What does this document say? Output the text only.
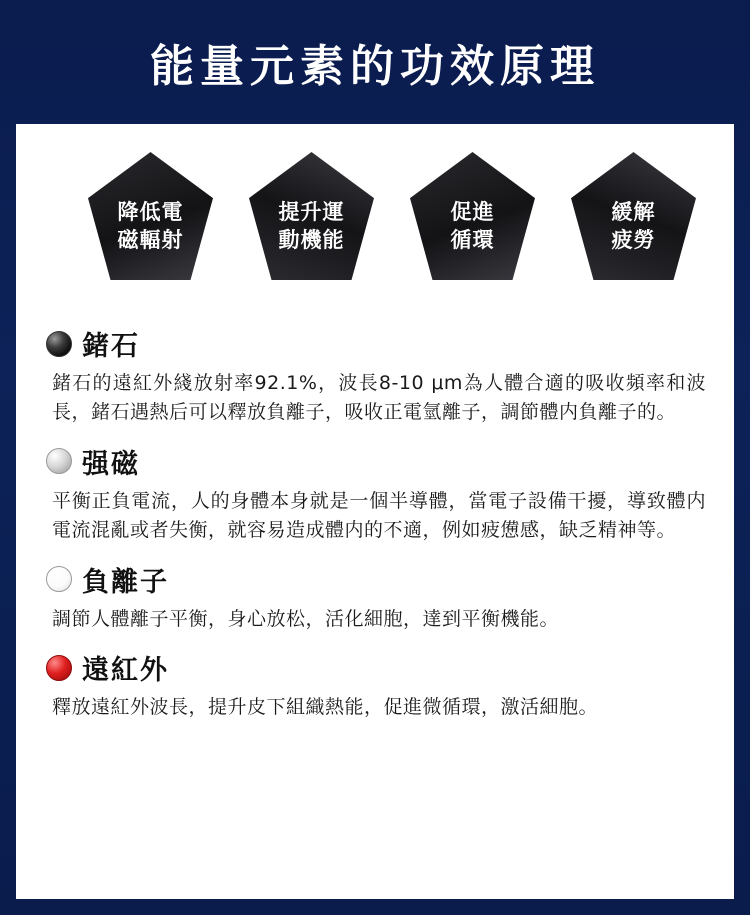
能量元素的功效原理
降低電
磁輻射
提升運
動機能
促進
循環
緩解
疲勞
鍺石
鍺石的遠紅外綫放射率92.1%，波長8-10 μm為人體合適的吸收頻率和波長，鍺石遇熱后可以釋放負離子，吸收正電氫離子，調節體内負離子的。
强磁
平衡正負電流，人的身體本身就是一個半導體，當電子設備干擾，導致體内電流混亂或者失衡，就容易造成體内的不適，例如疲憊感，缺乏精神等。
負離子
調節人體離子平衡，身心放松，活化細胞，達到平衡機能。
遠紅外
釋放遠紅外波長，提升皮下組織熱能，促進微循環，激活細胞。
